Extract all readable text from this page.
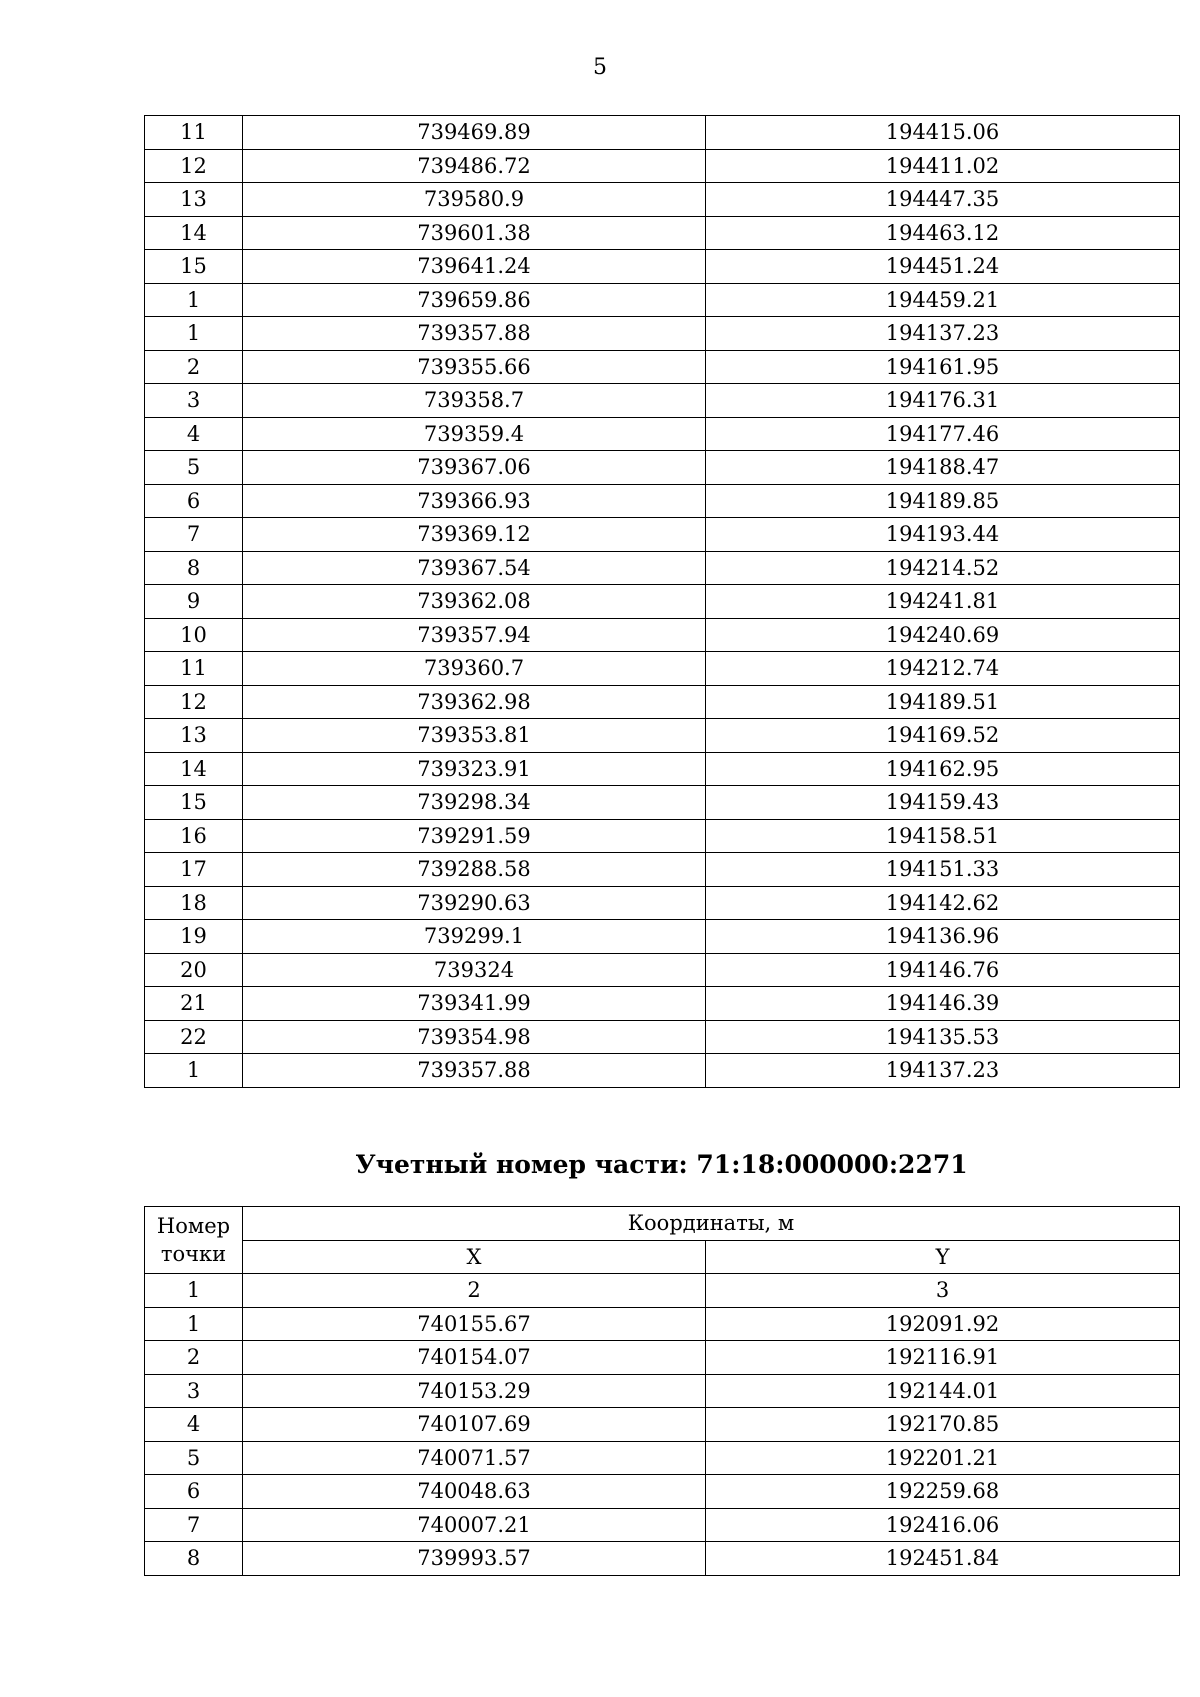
5
11	739469.89	194415.06
12	739486.72	194411.02
13	739580.9	194447.35
14	739601.38	194463.12
15	739641.24	194451.24
1	739659.86	194459.21
1	739357.88	194137.23
2	739355.66	194161.95
3	739358.7	194176.31
4	739359.4	194177.46
5	739367.06	194188.47
6	739366.93	194189.85
7	739369.12	194193.44
8	739367.54	194214.52
9	739362.08	194241.81
10	739357.94	194240.69
11	739360.7	194212.74
12	739362.98	194189.51
13	739353.81	194169.52
14	739323.91	194162.95
15	739298.34	194159.43
16	739291.59	194158.51
17	739288.58	194151.33
18	739290.63	194142.62
19	739299.1	194136.96
20	739324	194146.76
21	739341.99	194146.39
22	739354.98	194135.53
1	739357.88	194137.23
Учетный номер части: 71:18:000000:2271
Номер точки	Координаты, м	
	X	Y
1	2	3
1	740155.67	192091.92
2	740154.07	192116.91
3	740153.29	192144.01
4	740107.69	192170.85
5	740071.57	192201.21
6	740048.63	192259.68
7	740007.21	192416.06
8	739993.57	192451.84
